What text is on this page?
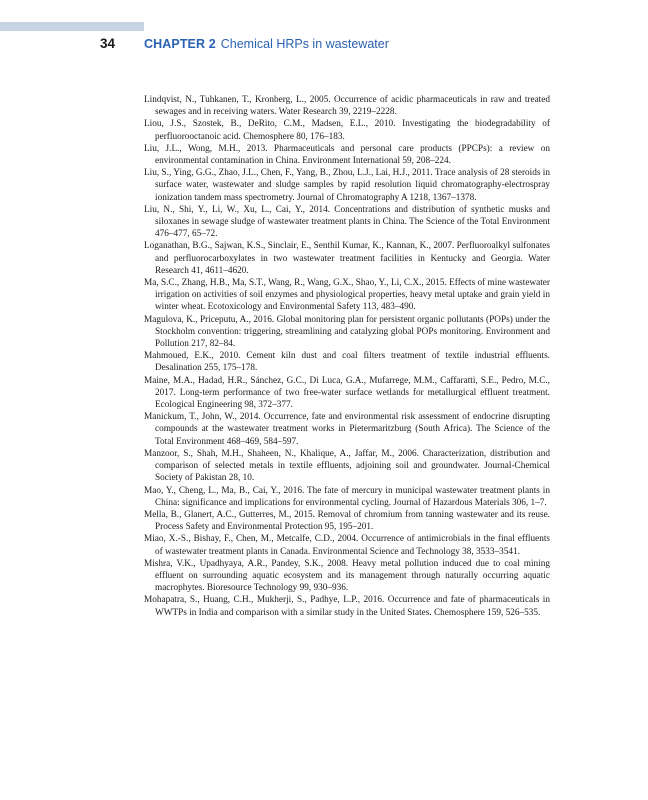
34	CHAPTER 2 Chemical HRPs in wastewater
Lindqvist, N., Tuhkanen, T., Kronberg, L., 2005. Occurrence of acidic pharmaceuticals in raw and treated sewages and in receiving waters. Water Research 39, 2219–2228.
Liou, J.S., Szostek, B., DeRito, C.M., Madsen, E.L., 2010. Investigating the biodegradability of perfluorooctanoic acid. Chemosphere 80, 176–183.
Liu, J.L., Wong, M.H., 2013. Pharmaceuticals and personal care products (PPCPs): a review on environmental contamination in China. Environment International 59, 208–224.
Liu, S., Ying, G.G., Zhao, J.L., Chen, F., Yang, B., Zhou, L.J., Lai, H.J., 2011. Trace analysis of 28 steroids in surface water, wastewater and sludge samples by rapid resolution liquid chromatography-electrospray ionization tandem mass spectrometry. Journal of Chromatography A 1218, 1367–1378.
Liu, N., Shi, Y., Li, W., Xu, L., Cai, Y., 2014. Concentrations and distribution of synthetic musks and siloxanes in sewage sludge of wastewater treatment plants in China. The Science of the Total Environment 476–477, 65–72.
Loganathan, B.G., Sajwan, K.S., Sinclair, E., Senthil Kumar, K., Kannan, K., 2007. Perfluoroalkyl sulfonates and perfluorocarboxylates in two wastewater treatment facilities in Kentucky and Georgia. Water Research 41, 4611–4620.
Ma, S.C., Zhang, H.B., Ma, S.T., Wang, R., Wang, G.X., Shao, Y., Li, C.X., 2015. Effects of mine wastewater irrigation on activities of soil enzymes and physiological properties, heavy metal uptake and grain yield in winter wheat. Ecotoxicology and Environmental Safety 113, 483–490.
Magulova, K., Priceputu, A., 2016. Global monitoring plan for persistent organic pollutants (POPs) under the Stockholm convention: triggering, streamlining and catalyzing global POPs monitoring. Environment and Pollution 217, 82–84.
Mahmoued, E.K., 2010. Cement kiln dust and coal filters treatment of textile industrial effluents. Desalination 255, 175–178.
Maine, M.A., Hadad, H.R., Sánchez, G.C., Di Luca, G.A., Mufarrege, M.M., Caffaratti, S.E., Pedro, M.C., 2017. Long-term performance of two free-water surface wetlands for metallurgical effluent treatment. Ecological Engineering 98, 372–377.
Manickum, T., John, W., 2014. Occurrence, fate and environmental risk assessment of endocrine disrupting compounds at the wastewater treatment works in Pietermaritzburg (South Africa). The Science of the Total Environment 468–469, 584–597.
Manzoor, S., Shah, M.H., Shaheen, N., Khalique, A., Jaffar, M., 2006. Characterization, distribution and comparison of selected metals in textile effluents, adjoining soil and groundwater. Journal-Chemical Society of Pakistan 28, 10.
Mao, Y., Cheng, L., Ma, B., Cai, Y., 2016. The fate of mercury in municipal wastewater treatment plants in China: significance and implications for environmental cycling. Journal of Hazardous Materials 306, 1–7.
Mella, B., Glanert, A.C., Gutterres, M., 2015. Removal of chromium from tanning wastewater and its reuse. Process Safety and Environmental Protection 95, 195–201.
Miao, X.-S., Bishay, F., Chen, M., Metcalfe, C.D., 2004. Occurrence of antimicrobials in the final effluents of wastewater treatment plants in Canada. Environmental Science and Technology 38, 3533–3541.
Mishra, V.K., Upadhyaya, A.R., Pandey, S.K., 2008. Heavy metal pollution induced due to coal mining effluent on surrounding aquatic ecosystem and its management through naturally occurring aquatic macrophytes. Bioresource Technology 99, 930–936.
Mohapatra, S., Huang, C.H., Mukherji, S., Padhye, L.P., 2016. Occurrence and fate of pharmaceuticals in WWTPs in India and comparison with a similar study in the United States. Chemosphere 159, 526–535.
